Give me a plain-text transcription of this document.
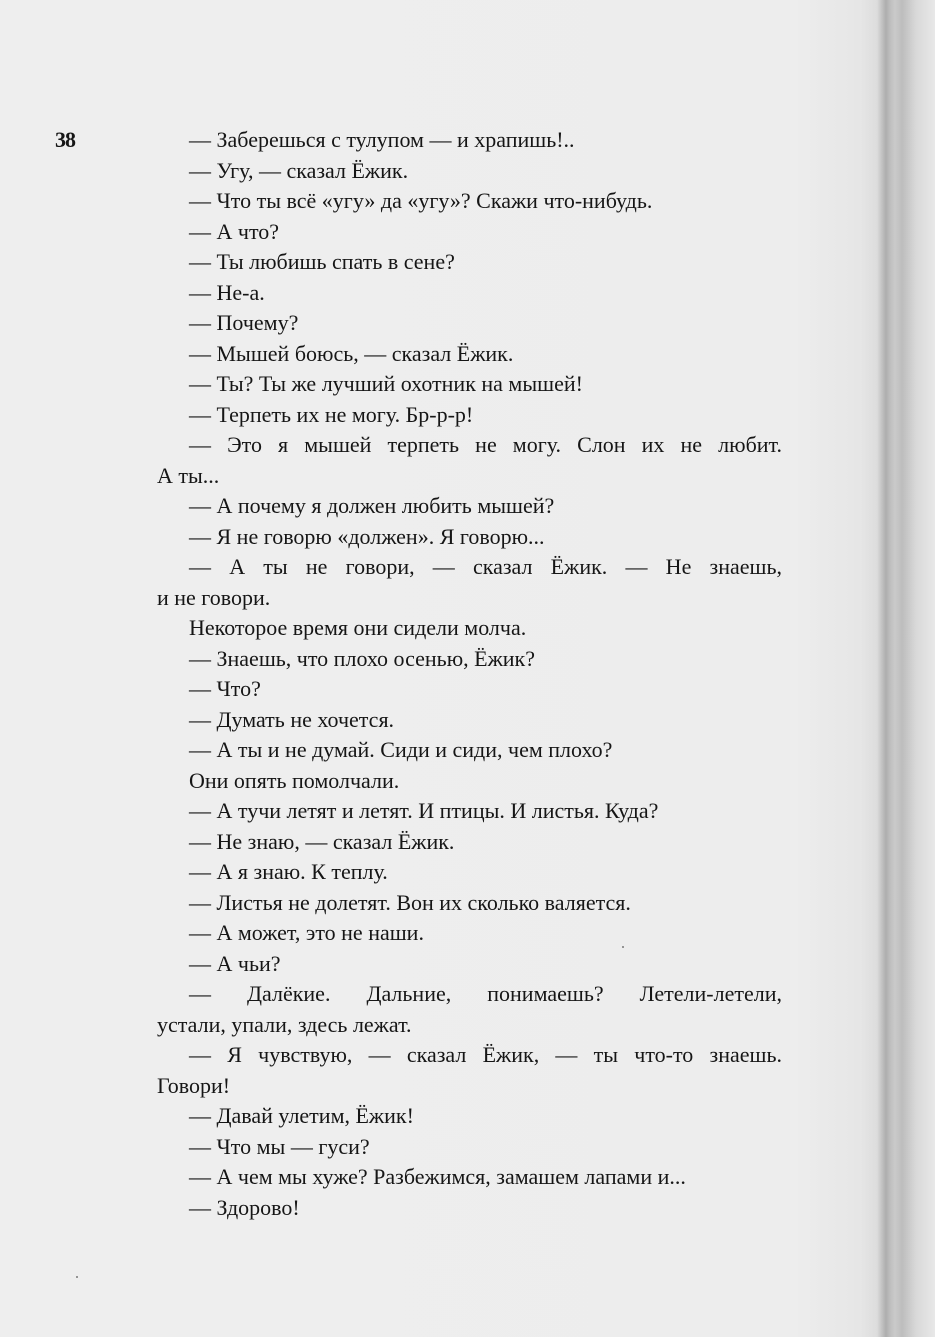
38	— Заберешься с тулупом — и храпишь!..
— Угу, — сказал Ёжик.
— Что ты всё «угу» да «угу»? Скажи что-нибудь.
— А что?
— Ты любишь спать в сене?
— Не-а.
— Почему?
— Мышей боюсь, — сказал Ёжик.
— Ты? Ты же лучший охотник на мышей!
— Терпеть их не могу. Бр-р-р!
— Это я мышей терпеть не могу. Слон их не любит.
А ты...
— А почему я должен любить мышей?
— Я не говорю «должен». Я говорю...
— А ты не говори, — сказал Ёжик. — Не знаешь,
и не говори.
Некоторое время они сидели молча.
— Знаешь, что плохо осенью, Ёжик?
— Что?
— Думать не хочется.
— А ты и не думай. Сиди и сиди, чем плохо?
Они опять помолчали.
— А тучи летят и летят. И птицы. И листья. Куда?
— Не знаю, — сказал Ёжик.
— А я знаю. К теплу.
— Листья не долетят. Вон их сколько валяется.
— А может, это не наши.
— А чьи?
— Далёкие. Дальние, понимаешь? Летели-летели,
устали, упали, здесь лежат.
— Я чувствую, — сказал Ёжик, — ты что-то знаешь.
Говори!
— Давай улетим, Ёжик!
— Что мы — гуси?
— А чем мы хуже? Разбежимся, замашем лапами и...
— Здорово!
